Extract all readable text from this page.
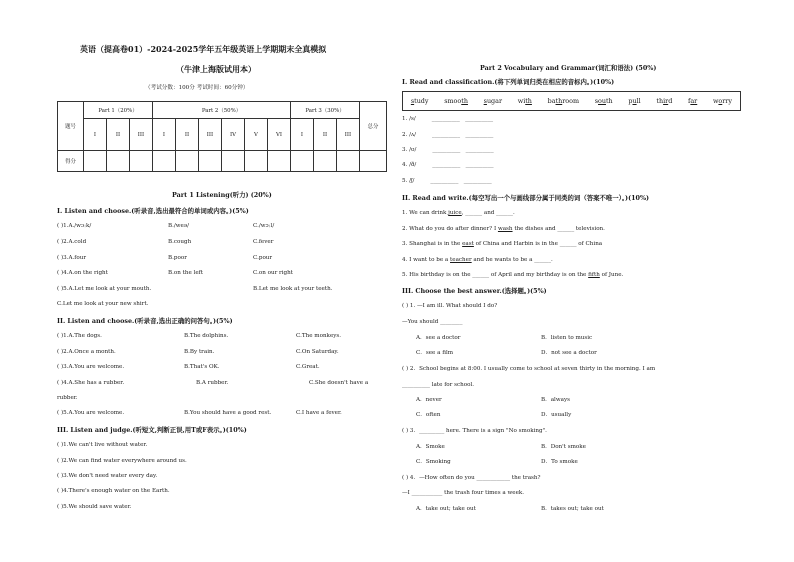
英语（提高卷01）-2024-2025学年五年级英语上学期期末全真模拟
（牛津上海版试用本）
（考试分数：100分 考试时间：60分钟）
题号	Part 1（20%）			Part 2（50%）						Part 3（30%）			总分
	I	II	III	I	II	III	IV	V	VI	I	II	III	
得分													
Part 1 Listening(听力) (20%)
I. Listen and choose.(听录音,选出最符合的单词或内容。)(5%)
( )1.A./wɔːk/	B./weə/	C./wɔːl/
( )2.A.cold	B.cough	C.fever
( )3.A.four	B.poor	C.pour
( )4.A.on the right	B.on the left	C.on our right
( )5.A.Let me look at your mouth.	B.Let me look at your teeth.
C.Let me look at your new shirt.
II. Listen and choose.(听录音,选出正确的问答句。)(5%)
( )1.A.The dogs.	B.The dolphins.	C.The monkeys.
( )2.A.Once a month.	B.By train.	C.On Saturday.
( )3.A.You are welcome.	B.That's OK.	C.Great.
( )4.A.She has a rubber.	B.A rubber.	C.She doesn't have a
rubber.
( )5.A.You are welcome.	B.You should have a good rest.	C.I have a fever.
III. Listen and judge.(听短文,判断正误,用T或F表示。)(10%)
( )1.We can't live without water.
( )2.We can find water everywhere around us.
( )3.We don't need water every day.
( )4.There's enough water on the Earth.
( )5.We should save water.
Part 2 Vocabulary and Grammar(词汇和语法) (50%)
I. Read and classification.(将下列单词归类在相应的音标内。)(10%)
study smooth sugar with bathroom south pull third far worry
1. /s/	__________   __________
2. /ʌ/	__________   __________
3. /ʊ/	__________   __________
4. /ð/	__________   __________
5. /ʃ/	__________   __________
II. Read and write.(每空写出一个与画线部分属于同类的词（答案不唯一）。)(10%)
1. We can drink juice, ______ and ______.
2. What do you do after dinner? I wash the dishes and ______ television.
3. Shanghai is in the east of China and Harbin is in the ______ of China
4. I want to be a teacher and he wants to be a ______.
5. His birthday is on the ______ of April and my birthday is on the fifth of June.
III. Choose the best answer.(选择题。)(5%)
( ) 1. —I am ill. What should I do?
—You should ________
A．see a doctor	B．listen to music
C．see a film	D．not see a doctor
( ) 2．School begins at 8:00. I usually come to school at seven thirty in the morning. I am
__________ late for school.
A．never	B．always
C．often	D．usually
( ) 3．_________ here. There is a sign "No smoking".
A．Smoke	B．Don't smoke
C．Smoking	D．To smoke
( ) 4．—How often do you ____________ the trash?
—I ___________ the trash four times a week.
A．take out; take out	B．takes out; take out
